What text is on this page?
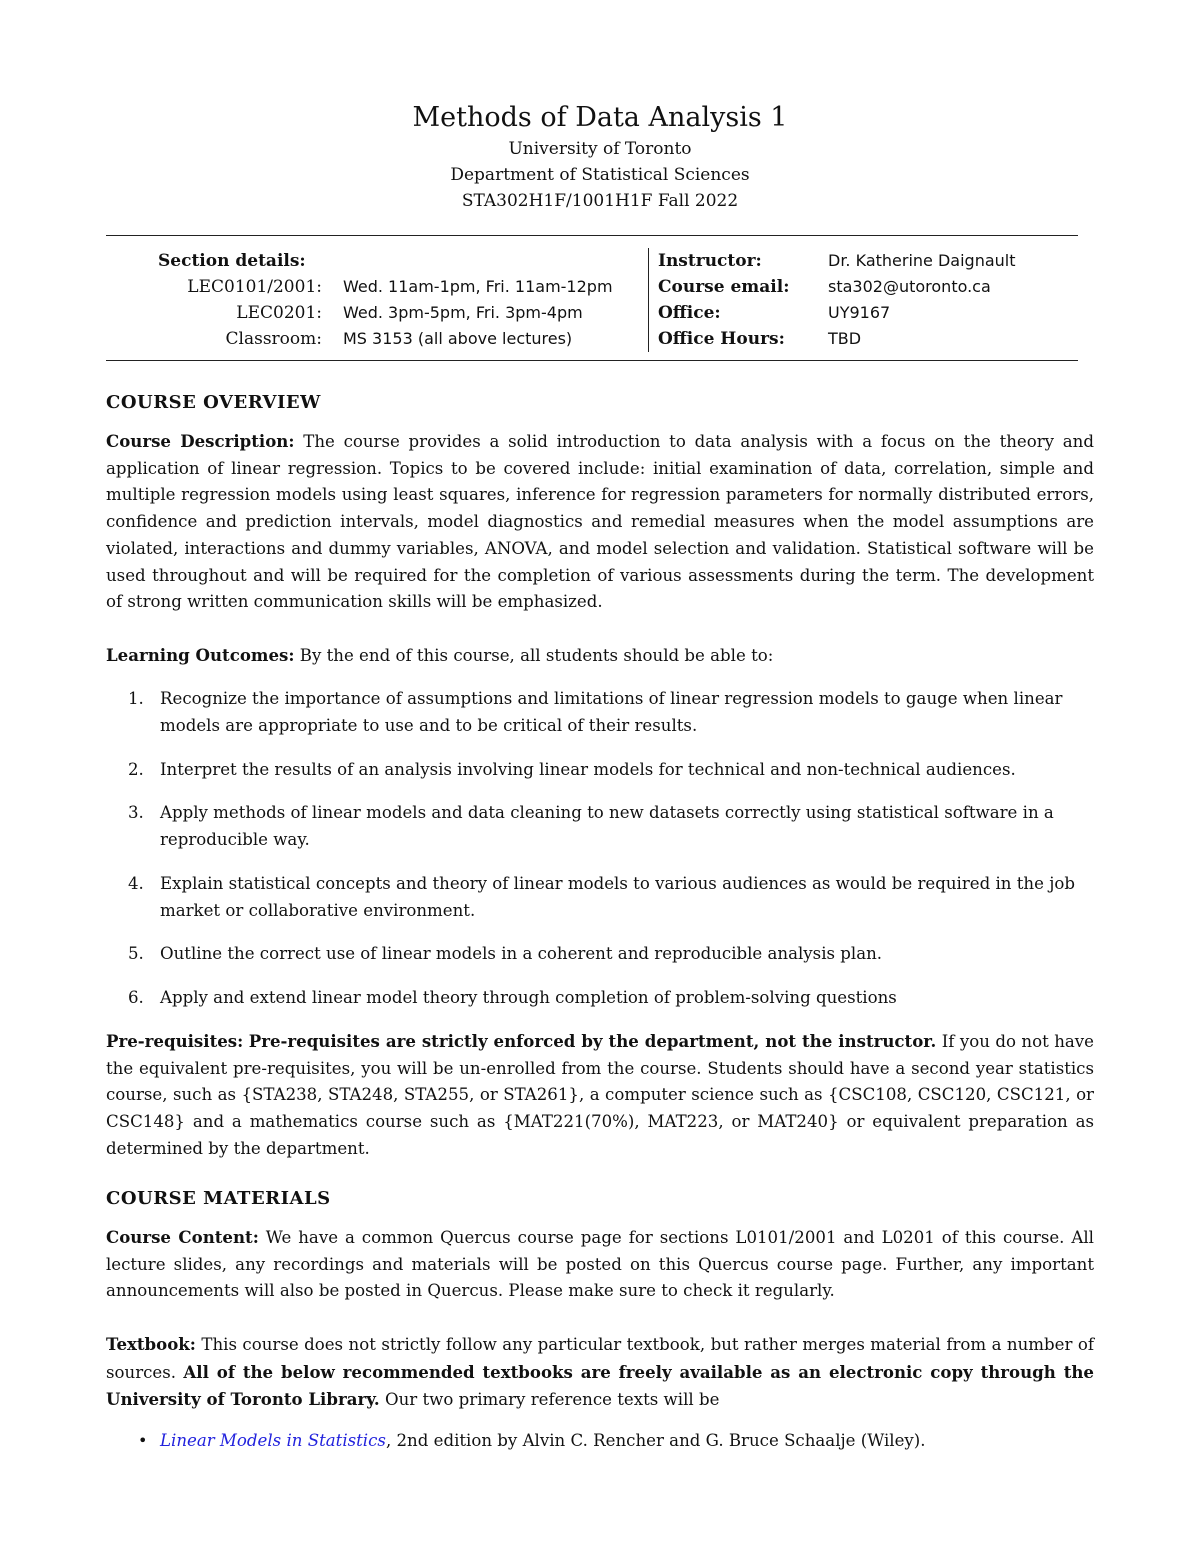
Methods of Data Analysis 1
University of Toronto
Department of Statistical Sciences
STA302H1F/1001H1F Fall 2022
Section details:
LEC0101/2001: Wed. 11am-1pm, Fri. 11am-12pm
LEC0201: Wed. 3pm-5pm, Fri. 3pm-4pm
Classroom: MS 3153 (all above lectures)
Instructor:	Dr. Katherine Daignault
Course email: sta302@utoronto.ca
Office:	UY9167
Office Hours:	TBD
COURSE OVERVIEW

Course Description: The course provides a solid introduction to data analysis with a focus on the theory and application of linear regression. Topics to be covered include: initial examination of data, correlation, simple and multiple regression models using least squares, inference for regression parameters for normally distributed errors, confidence and prediction intervals, model diagnostics and remedial measures when the model assumptions are violated, interactions and dummy variables, ANOVA, and model selection and validation. Statistical software will be used throughout and will be required for the completion of various assessments during the term. The development of strong written communication skills will be emphasized.

Learning Outcomes: By the end of this course, all students should be able to:

1. Recognize the importance of assumptions and limitations of linear regression models to gauge when linear models are appropriate to use and to be critical of their results.

2. Interpret the results of an analysis involving linear models for technical and non-technical audiences.

3. Apply methods of linear models and data cleaning to new datasets correctly using statistical software in a reproducible way.

4. Explain statistical concepts and theory of linear models to various audiences as would be required in the job market or collaborative environment.

5. Outline the correct use of linear models in a coherent and reproducible analysis plan.

6. Apply and extend linear model theory through completion of problem-solving questions

Pre-requisites: Pre-requisites are strictly enforced by the department, not the instructor. If you do not have the equivalent pre-requisites, you will be un-enrolled from the course. Students should have a second year statistics course, such as {STA238, STA248, STA255, or STA261}, a computer science such as {CSC108, CSC120, CSC121, or CSC148} and a mathematics course such as {MAT221(70%), MAT223, or MAT240} or equivalent preparation as determined by the department.

COURSE MATERIALS

Course Content: We have a common Quercus course page for sections L0101/2001 and L0201 of this course. All lecture slides, any recordings and materials will be posted on this Quercus course page. Further, any important announcements will also be posted in Quercus. Please make sure to check it regularly.

Textbook: This course does not strictly follow any particular textbook, but rather merges material from a number of sources. All of the below recommended textbooks are freely available as an electronic copy through the University of Toronto Library. Our two primary reference texts will be

• Linear Models in Statistics, 2nd edition by Alvin C. Rencher and G. Bruce Schaalje (Wiley).
